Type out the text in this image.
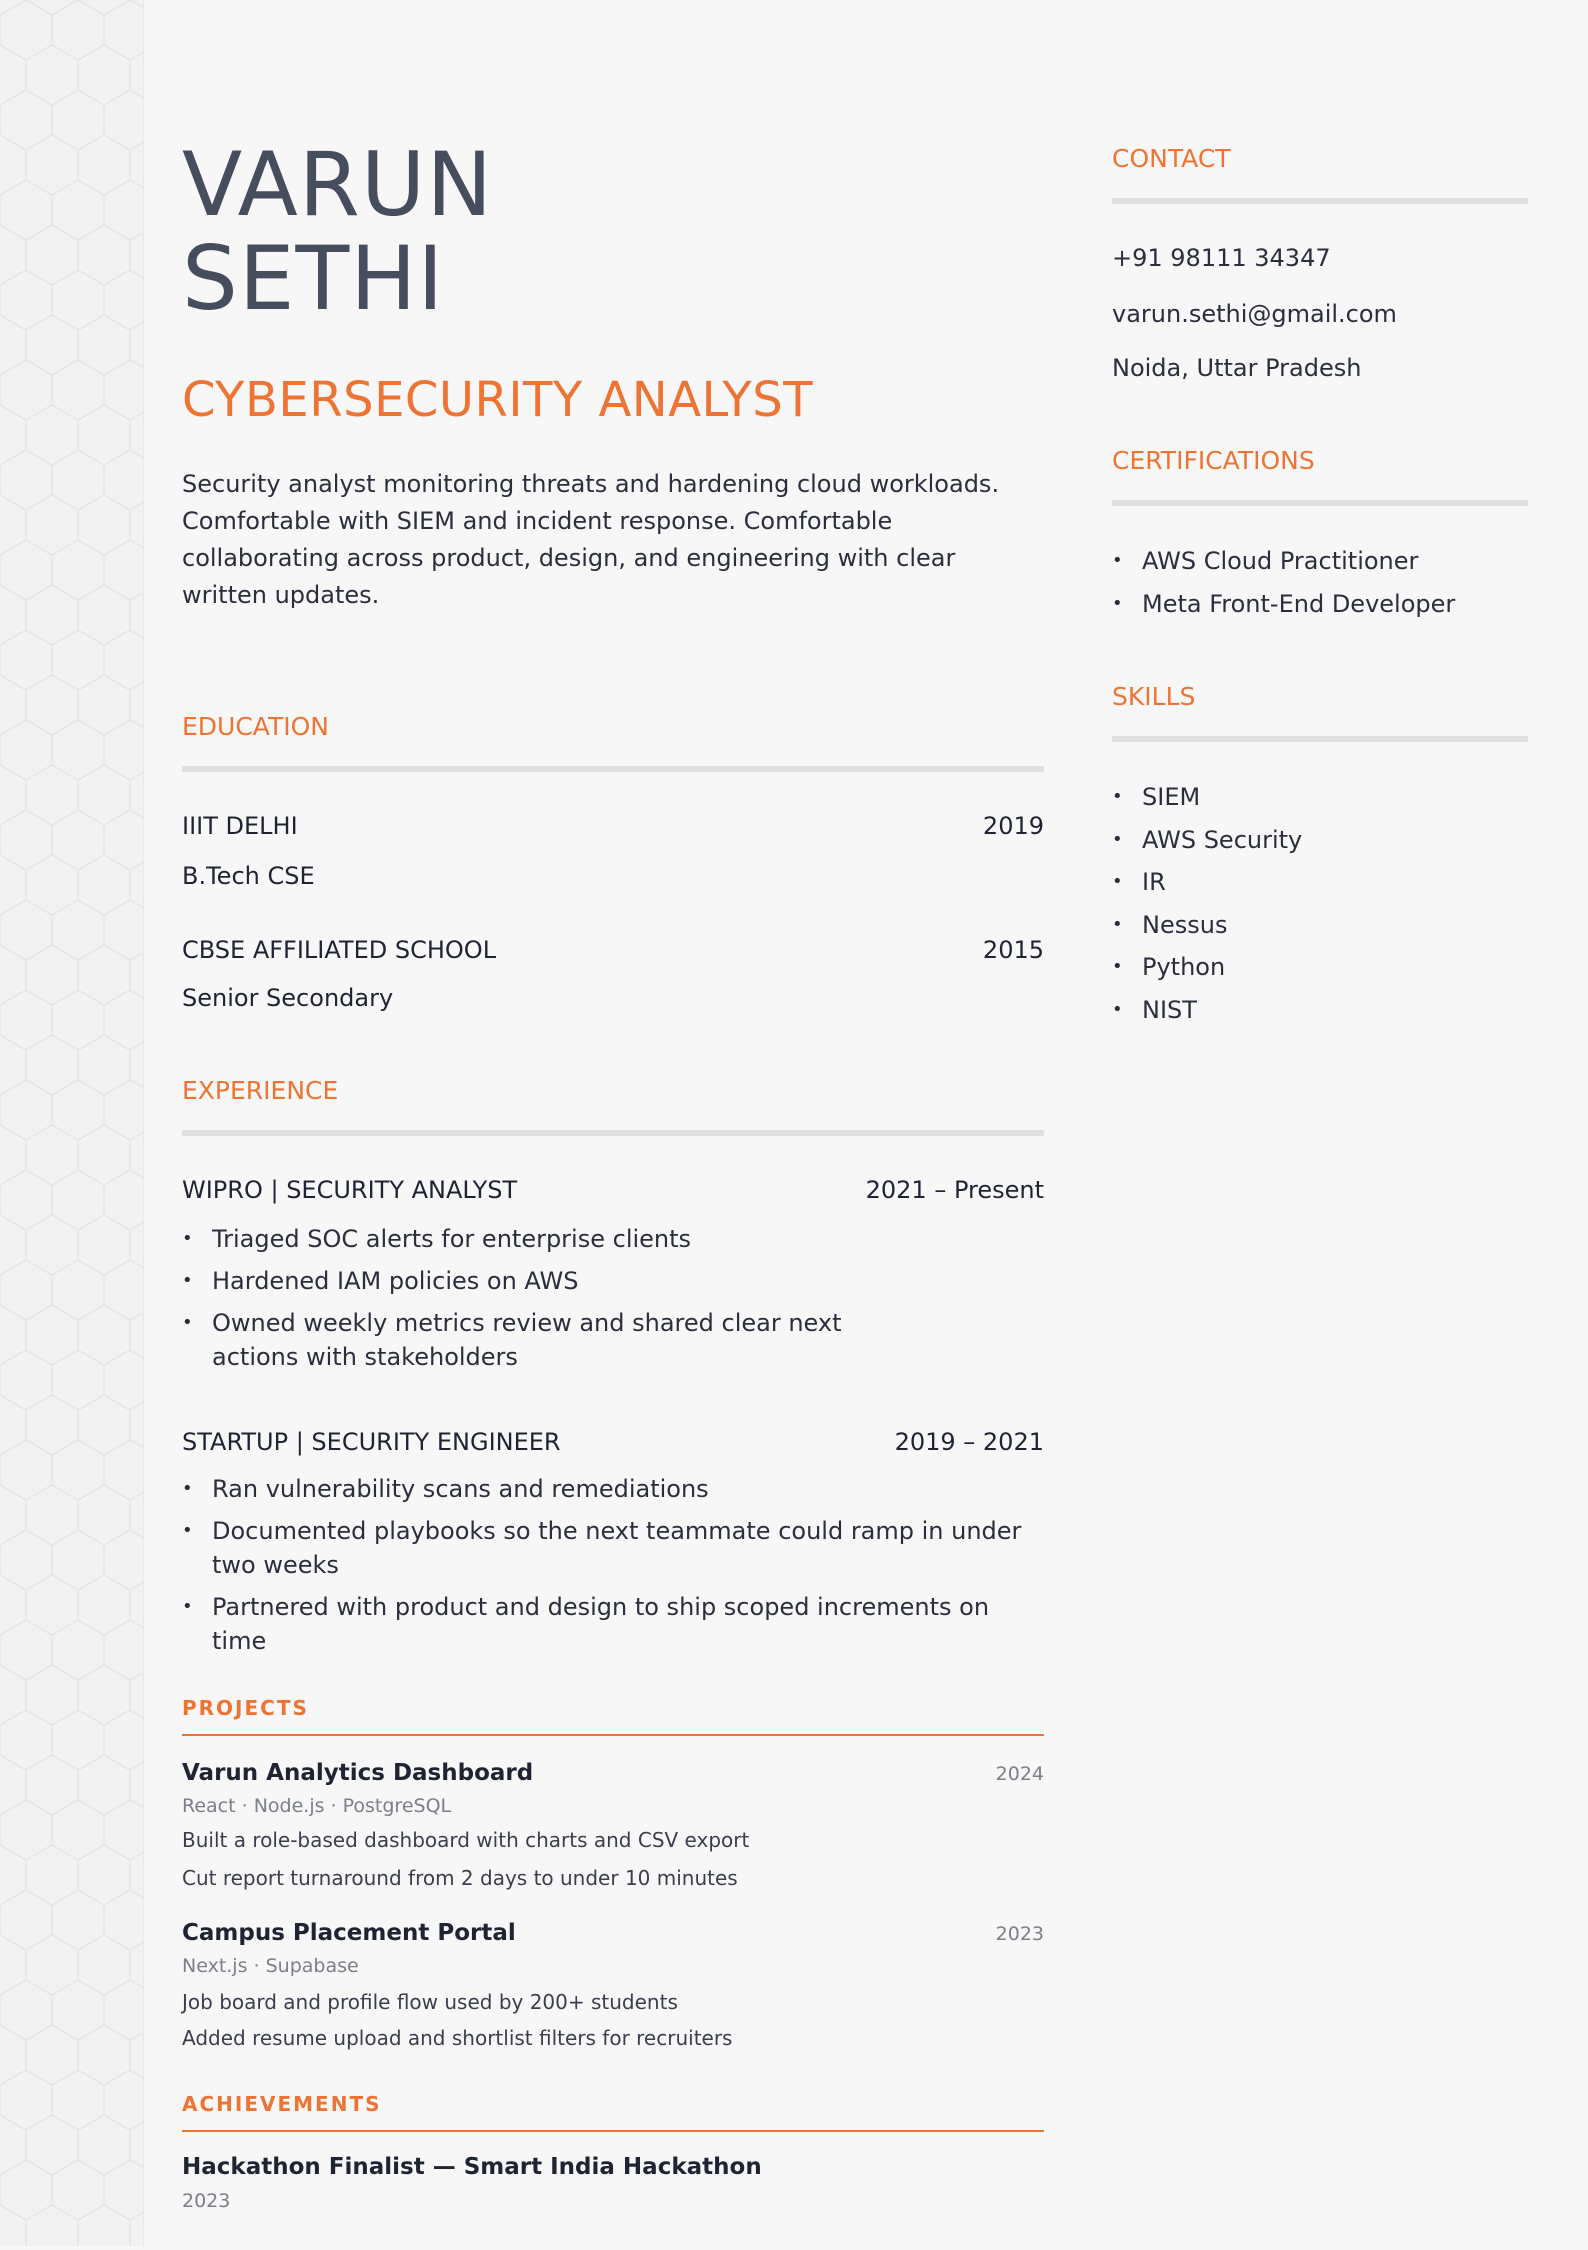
VARUN
SETHI
CYBERSECURITY ANALYST
Security analyst monitoring threats and hardening cloud workloads. Comfortable with SIEM and incident response. Comfortable collaborating across product, design, and engineering with clear written updates.
EDUCATION
IIIT DELHI	2019
B.Tech CSE
CBSE AFFILIATED SCHOOL	2015
Senior Secondary
EXPERIENCE
WIPRO | SECURITY ANALYST	2021 – Present
• Triaged SOC alerts for enterprise clients
• Hardened IAM policies on AWS
• Owned weekly metrics review and shared clear next actions with stakeholders
STARTUP | SECURITY ENGINEER	2019 – 2021
• Ran vulnerability scans and remediations
• Documented playbooks so the next teammate could ramp in under two weeks
• Partnered with product and design to ship scoped increments on time
PROJECTS
Varun Analytics Dashboard	2024
React · Node.js · PostgreSQL
Built a role-based dashboard with charts and CSV export
Cut report turnaround from 2 days to under 10 minutes
Campus Placement Portal	2023
Next.js · Supabase
Job board and profile flow used by 200+ students
Added resume upload and shortlist filters for recruiters
ACHIEVEMENTS
Hackathon Finalist — Smart India Hackathon
2023
CONTACT
+91 98111 34347
varun.sethi@gmail.com
Noida, Uttar Pradesh
CERTIFICATIONS
• AWS Cloud Practitioner
• Meta Front-End Developer
SKILLS
• SIEM
• AWS Security
• IR
• Nessus
• Python
• NIST
